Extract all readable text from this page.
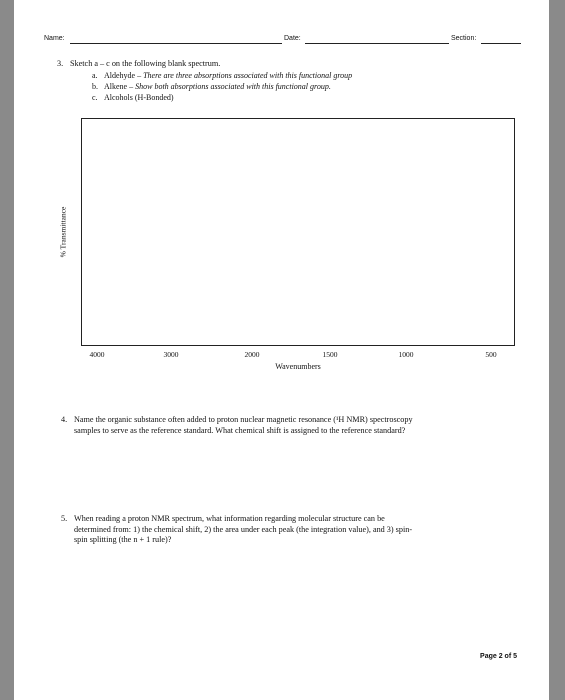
Name:	Date:	Section:
3. Sketch a – c on the following blank spectrum.
a. Aldehyde – There are three absorptions associated with this functional group
b. Alkene – Show both absorptions associated with this functional group.
c. Alcohols (H-Bonded)
% Transmittance
4000	3000	2000	1500	1000	500
Wavenumbers
4. Name the organic substance often added to proton nuclear magnetic resonance (¹H NMR) spectroscopy
samples to serve as the reference standard. What chemical shift is assigned to the reference standard?
5. When reading a proton NMR spectrum, what information regarding molecular structure can be
determined from: 1) the chemical shift, 2) the area under each peak (the integration value), and 3) spin-
spin splitting (the n + 1 rule)?
Page 2 of 5
